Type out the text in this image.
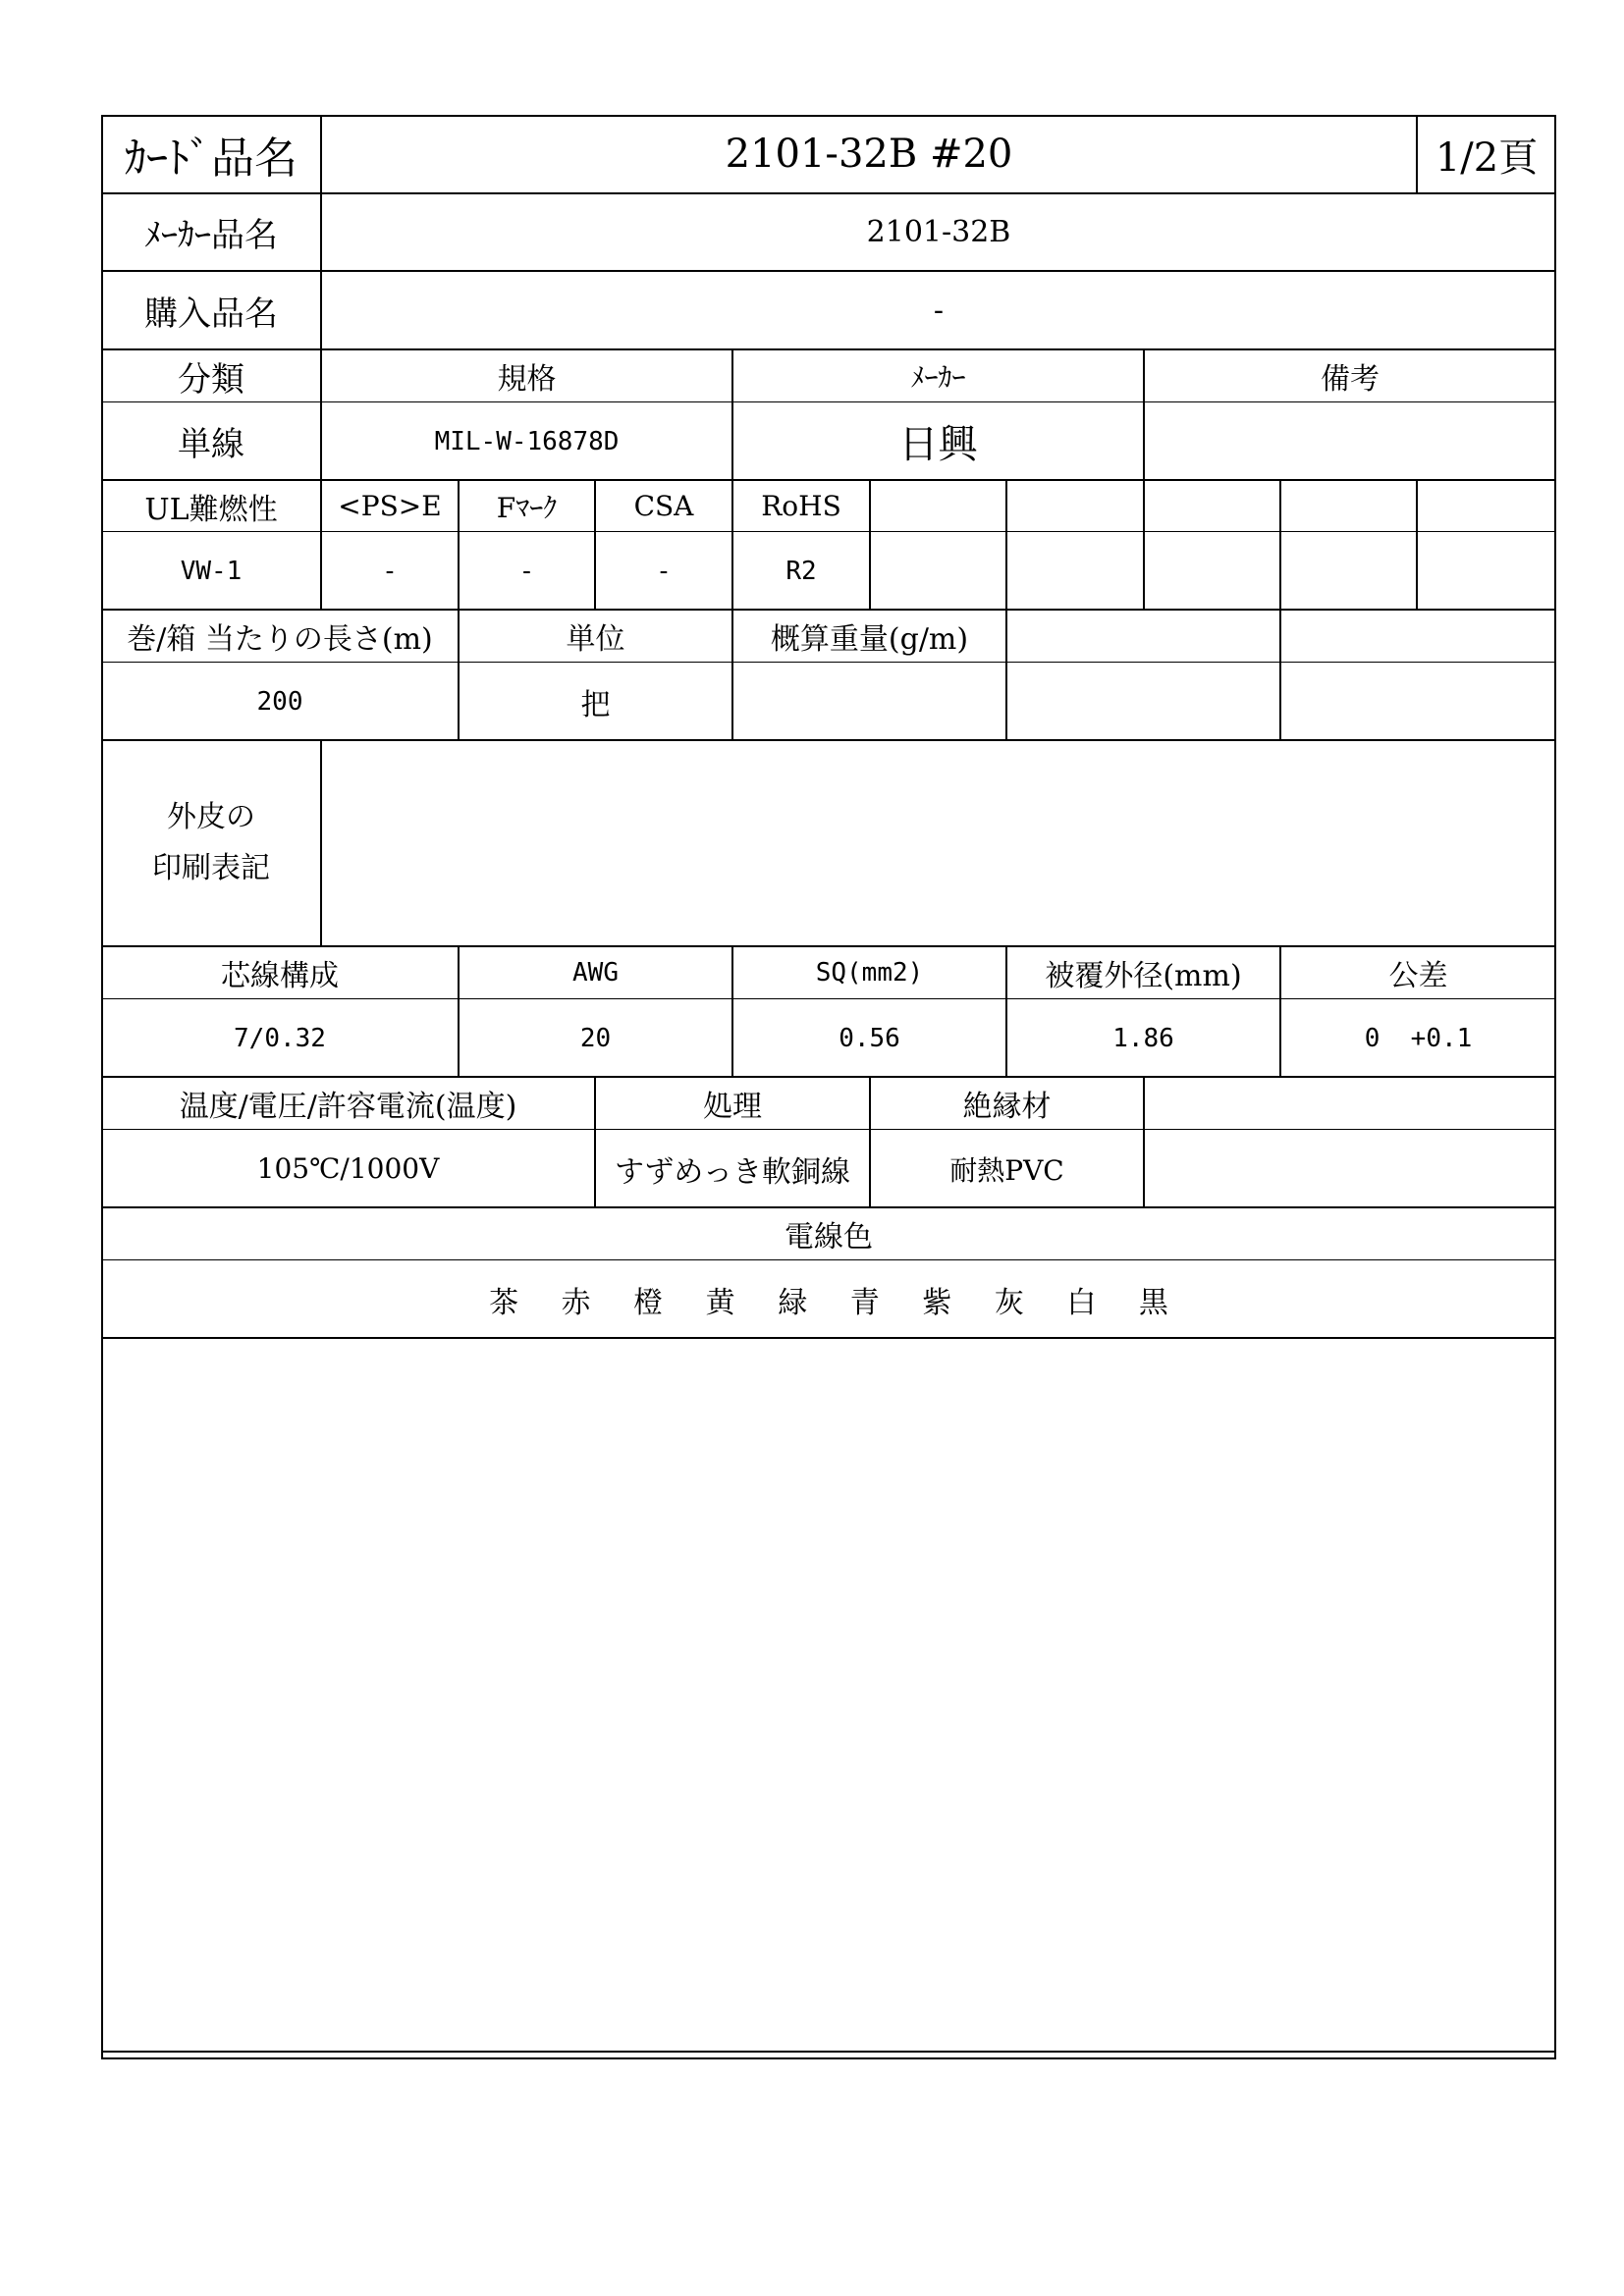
ｶｰﾄﾞ品名	2101-32B #20	1/2頁
ﾒｰｶｰ品名	2101-32B
購入品名	-
分類	規格	ﾒｰｶｰ	備考
単線	MIL-W-16878D	日興
UL難燃性	<PS>E	Fﾏｰｸ	CSA	RoHS
VW-1	-	-	-	R2
巻/箱 当たりの長さ(m)	単位	概算重量(g/m)
200	把
外皮の
印刷表記
芯線構成	AWG	SQ(mm2)	被覆外径(mm)	公差
7/0.32	20	0.56	1.86	0  +0.1
温度/電圧/許容電流(温度)	処理	絶縁材
105℃/1000V	すずめっき軟銅線	耐熱PVC
電線色
茶 赤 橙 黄 緑 青 紫 灰 白 黒
